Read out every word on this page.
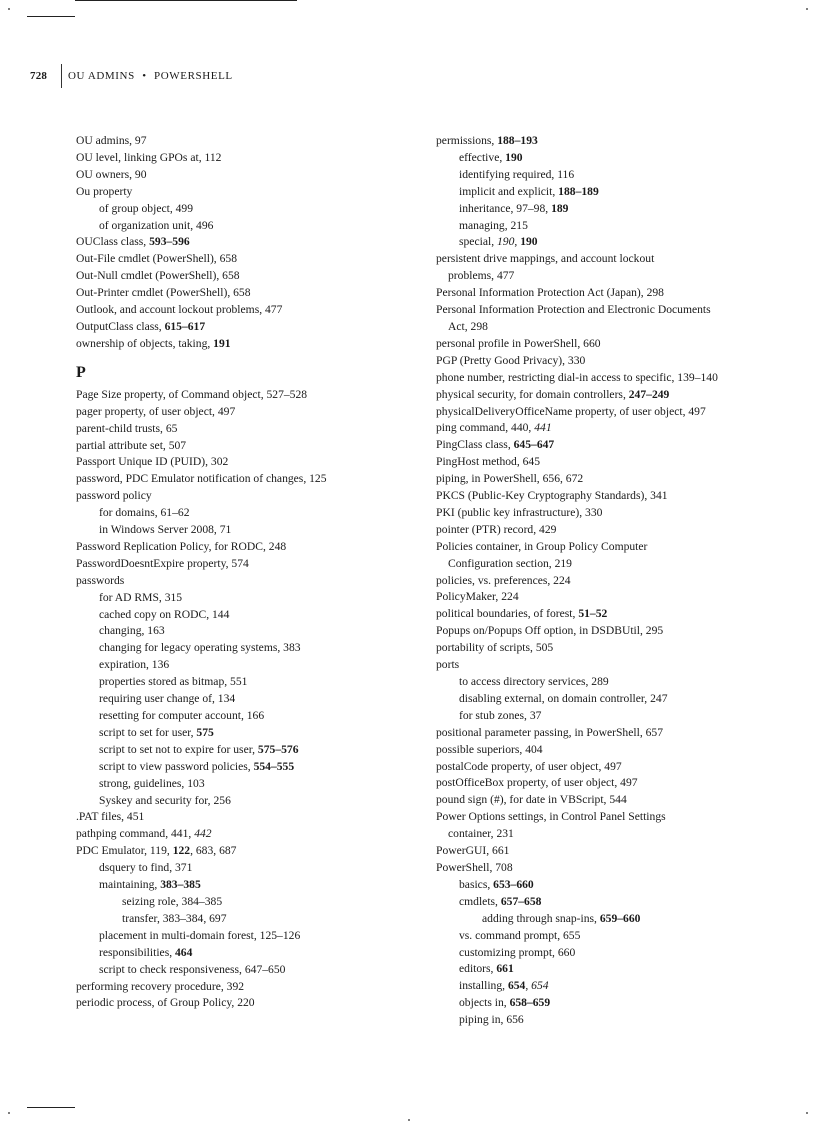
728	OU ADMINS • POWERSHELL
OU admins, 97
OU level, linking GPOs at, 112
OU owners, 90
Ou property
of group object, 499
of organization unit, 496
OUClass class, 593–596
Out-File cmdlet (PowerShell), 658
Out-Null cmdlet (PowerShell), 658
Out-Printer cmdlet (PowerShell), 658
Outlook, and account lockout problems, 477
OutputClass class, 615–617
ownership of objects, taking, 191
P
Page Size property, of Command object, 527–528
pager property, of user object, 497
parent-child trusts, 65
partial attribute set, 507
Passport Unique ID (PUID), 302
password, PDC Emulator notification of changes, 125
password policy
for domains, 61–62
in Windows Server 2008, 71
Password Replication Policy, for RODC, 248
PasswordDoesntExpire property, 574
passwords
for AD RMS, 315
cached copy on RODC, 144
changing, 163
changing for legacy operating systems, 383
expiration, 136
properties stored as bitmap, 551
requiring user change of, 134
resetting for computer account, 166
script to set for user, 575
script to set not to expire for user, 575–576
script to view password policies, 554–555
strong, guidelines, 103
Syskey and security for, 256
.PAT files, 451
pathping command, 441, 442
PDC Emulator, 119, 122, 683, 687
dsquery to find, 371
maintaining, 383–385
seizing role, 384–385
transfer, 383–384, 697
placement in multi-domain forest, 125–126
responsibilities, 464
script to check responsiveness, 647–650
performing recovery procedure, 392
periodic process, of Group Policy, 220
permissions, 188–193
effective, 190
identifying required, 116
implicit and explicit, 188–189
inheritance, 97–98, 189
managing, 215
special, 190, 190
persistent drive mappings, and account lockout
problems, 477
Personal Information Protection Act (Japan), 298
Personal Information Protection and Electronic Documents
Act, 298
personal profile in PowerShell, 660
PGP (Pretty Good Privacy), 330
phone number, restricting dial-in access to specific, 139–140
physical security, for domain controllers, 247–249
physicalDeliveryOfficeName property, of user object, 497
ping command, 440, 441
PingClass class, 645–647
PingHost method, 645
piping, in PowerShell, 656, 672
PKCS (Public-Key Cryptography Standards), 341
PKI (public key infrastructure), 330
pointer (PTR) record, 429
Policies container, in Group Policy Computer
Configuration section, 219
policies, vs. preferences, 224
PolicyMaker, 224
political boundaries, of forest, 51–52
Popups on/Popups Off option, in DSDBUtil, 295
portability of scripts, 505
ports
to access directory services, 289
disabling external, on domain controller, 247
for stub zones, 37
positional parameter passing, in PowerShell, 657
possible superiors, 404
postalCode property, of user object, 497
postOfficeBox property, of user object, 497
pound sign (#), for date in VBScript, 544
Power Options settings, in Control Panel Settings
container, 231
PowerGUI, 661
PowerShell, 708
basics, 653–660
cmdlets, 657–658
adding through snap-ins, 659–660
vs. command prompt, 655
customizing prompt, 660
editors, 661
installing, 654, 654
objects in, 658–659
piping in, 656
